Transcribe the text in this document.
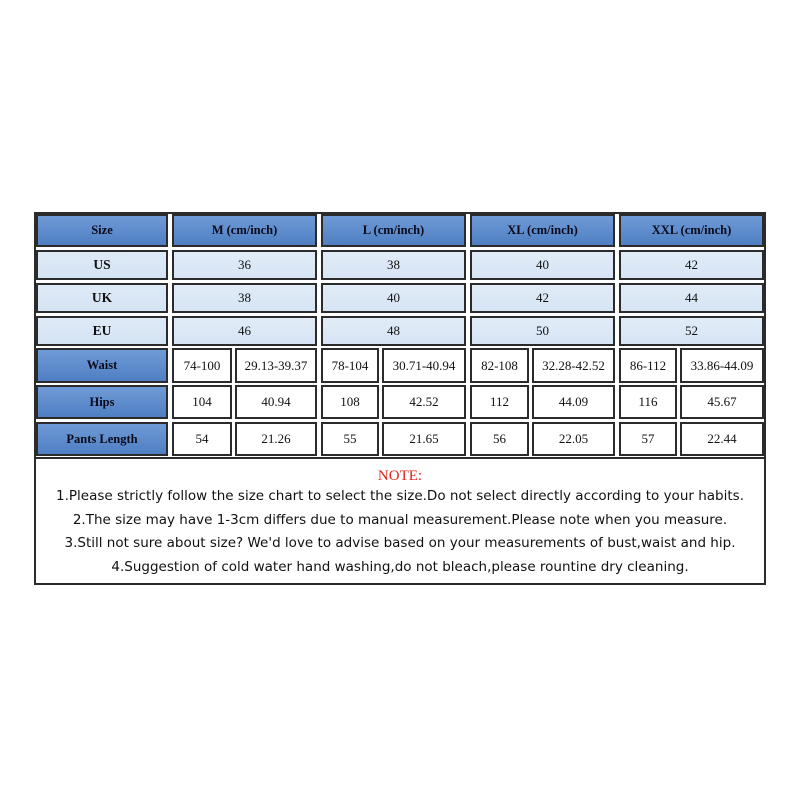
Size	M (cm/inch)	L (cm/inch)	XL (cm/inch)	XXL (cm/inch)
US	36	38	40	42
UK	38	40	42	44
EU	46	48	50	52
Waist	74-100	29.13-39.37	78-104	30.71-40.94	82-108	32.28-42.52	86-112	33.86-44.09
Hips	104	40.94	108	42.52	112	44.09	116	45.67
Pants Length	54	21.26	55	21.65	56	22.05	57	22.44
NOTE:
1.Please strictly follow the size chart to select the size.Do not select directly according to your habits.
2.The size may have 1-3cm differs due to manual measurement.Please note when you measure.
3.Still not sure about size? We'd love to advise based on your measurements of bust,waist and hip.
4.Suggestion of cold water hand washing,do not bleach,please rountine dry cleaning.
